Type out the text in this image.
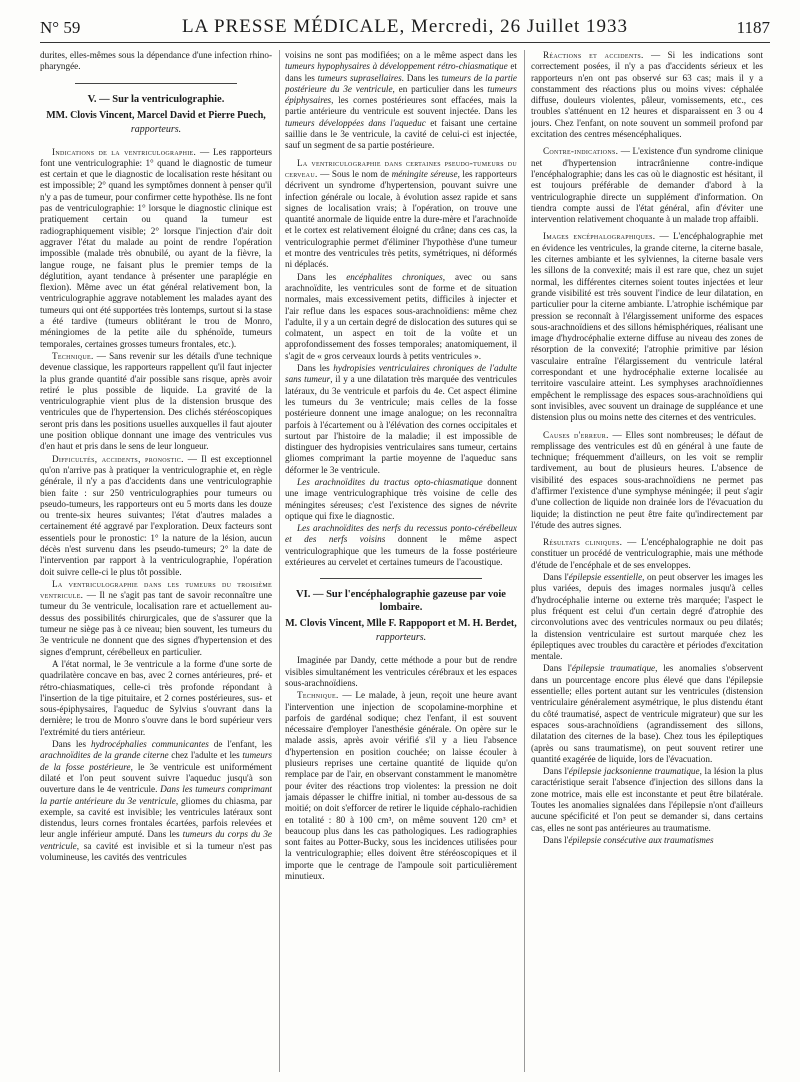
N° 59	LA PRESSE MÉDICALE, Mercredi, 26 Juillet 1933	1187

durites, elles-mêmes sous la dépendance d'une infection rhino-pharyngée.

V. — Sur la ventriculographie.

MM. Clovis Vincent, Marcel David et Pierre Puech, rapporteurs.

Indications de la ventriculographie. — Les rapporteurs font une ventriculographie: 1° quand le diagnostic de tumeur est certain et que le diagnostic de localisation reste hésitant ou est impossible; 2° quand les symptômes donnent à penser qu'il n'y a pas de tumeur, pour confirmer cette hypothèse. Ils ne font pas de ventriculographie: 1° lorsque le diagnostic clinique est pratiquement certain ou quand la tumeur est radiographiquement visible; 2° lorsque l'injection d'air doit aggraver l'état du malade au point de rendre l'opération impossible (malade très obnubilé, ou ayant de la fièvre, la langue rouge, ne faisant plus le premier temps de la déglutition, ayant tendance à présenter une paraplégie en flexion). Même avec un état général relativement bon, la ventriculographie aggrave notablement les malades ayant des tumeurs qui ont été supportées très lontemps, surtout si la stase a été tardive (tumeurs oblitérant le trou de Monro, méningiomes de la petite aile du sphénoïde, tumeurs temporales, certaines grosses tumeurs frontales, etc.).

Technique. — Sans revenir sur les détails d'une technique devenue classique, les rapporteurs rappellent qu'il faut injecter la plus grande quantité d'air possible sans risque, après avoir retiré le plus possible de liquide. La gravité de la ventriculographie vient plus de la distension brusque des ventricules que de l'hypertension. Des clichés stéréoscopiques seront pris dans les positions usuelles auxquelles il faut ajouter une position oblique donnant une image des ventricules vus d'en haut et pris dans le sens de leur longueur.

Difficultés, accidents, pronostic. — Il est exceptionnel qu'on n'arrive pas à pratiquer la ventriculographie et, en règle générale, il n'y a pas d'accidents dans une ventriculographie bien faite : sur 250 ventriculographies pour tumeurs ou pseudo-tumeurs, les rapporteurs ont eu 5 morts dans les douze ou trente-six heures suivantes; l'état d'autres malades a certainement été aggravé par l'exploration. Deux facteurs sont essentiels pour le pronostic: 1° la nature de la lésion, aucun décès n'est survenu dans les pseudo-tumeurs; 2° la date de l'intervention par rapport à la ventriculographie, l'opération doit suivre celle-ci le plus tôt possible.

La ventriculographie dans les tumeurs du troisième ventricule. — Il ne s'agit pas tant de savoir reconnaître une tumeur du 3e ventricule, localisation rare et actuellement au-dessus des possibilités chirurgicales, que de s'assurer que la tumeur ne siège pas à ce niveau; bien souvent, les tumeurs du 3e ventricule ne donnent que des signes d'hypertension et des signes d'emprunt, cérébelleux en particulier.

A l'état normal, le 3e ventricule a la forme d'une sorte de quadrilatère concave en bas, avec 2 cornes antérieures, pré- et rétro-chiasmatiques, celle-ci très profonde répondant à l'insertion de la tige pituitaire, et 2 cornes postérieures, sus- et sous-épiphysaires, l'aqueduc de Sylvius s'ouvrant dans la dernière; le trou de Monro s'ouvre dans le bord supérieur vers l'extrémité du tiers antérieur.

Dans les hydrocéphalies communicantes de l'enfant, les arachnoïdites de la grande citerne chez l'adulte et les tumeurs de la fosse postérieure, le 3e ventricule est uniformément dilaté et l'on peut souvent suivre l'aqueduc jusqu'à son ouverture dans le 4e ventricule. Dans les tumeurs comprimant la partie antérieure du 3e ventricule, gliomes du chiasma, par exemple, sa cavité est invisible; les ventricules latéraux sont distendus, leurs cornes frontales écartées, parfois relevées et leur angle inférieur amputé. Dans les tumeurs du corps du 3e ventricule, sa cavité est invisible et si la tumeur n'est pas volumineuse, les cavités des ventricules

voisins ne sont pas modifiées; on a le même aspect dans les tumeurs hypophysaires à développement rétro-chiasmatique et dans les tumeurs suprasellaires. Dans les tumeurs de la partie postérieure du 3e ventricule, en particulier dans les tumeurs épiphysaires, les cornes postérieures sont effacées, mais la partie antérieure du ventricule est souvent injectée. Dans les tumeurs développées dans l'aqueduc et faisant une certaine saillie dans le 3e ventricule, la cavité de celui-ci est injectée, sauf un segment de sa partie postérieure.

La ventriculographie dans certaines pseudo-tumeurs du cerveau. — Sous le nom de méningite séreuse, les rapporteurs décrivent un syndrome d'hypertension, pouvant suivre une infection générale ou locale, à évolution assez rapide et sans signes de localisation vrais; à l'opération, on trouve une quantité anormale de liquide entre la dure-mère et l'arachnoïde et le cortex est relativement éloigné du crâne; dans ces cas, la ventriculographie permet d'éliminer l'hypothèse d'une tumeur et montre des ventricules très petits, symétriques, ni déformés ni déplacés.

Dans les encéphalites chroniques, avec ou sans arachnoïdite, les ventricules sont de forme et de situation normales, mais excessivement petits, difficiles à injecter et l'air reflue dans les espaces sous-arachnoïdiens: même chez l'adulte, il y a un certain degré de dislocation des sutures qui se colmatent, un aspect en toit de la voûte et un approfondissement des fosses temporales; anatomiquement, il s'agit de « gros cerveaux lourds à petits ventricules ».

Dans les hydropisies ventriculaires chroniques de l'adulte sans tumeur, il y a une dilatation très marquée des ventricules latéraux, du 3e ventricule et parfois du 4e. Cet aspect élimine les tumeurs du 3e ventricule; mais celles de la fosse postérieure donnent une image analogue; on les reconnaîtra parfois à l'écartement ou à l'élévation des cornes occipitales et surtout par l'histoire de la maladie; il est impossible de distinguer des hydropisies ventriculaires sans tumeur, certains gliomes comprimant la partie moyenne de l'aqueduc sans déformer le 3e ventricule.

Les arachnoïdites du tractus opto-chiasmatique donnent une image ventriculographique très voisine de celle des méningites séreuses; c'est l'existence des signes de névrite optique qui fixe le diagnostic.

Les arachnoïdites des nerfs du recessus ponto-cérébelleux et des nerfs voisins donnent le même aspect ventriculographique que les tumeurs de la fosse postérieure extérieures au cervelet et certaines tumeurs de l'acoustique.

VI. — Sur l'encéphalographie gazeuse par voie lombaire.

M. Clovis Vincent, Mlle F. Rappoport et M. H. Berdet, rapporteurs.

Imaginée par Dandy, cette méthode a pour but de rendre visibles simultanément les ventricules cérébraux et les espaces sous-arachnoïdiens.

Technique. — Le malade, à jeun, reçoit une heure avant l'intervention une injection de scopolamine-morphine et parfois de gardénal sodique; chez l'enfant, il est souvent nécessaire d'employer l'anesthésie générale. On opère sur le malade assis, après avoir vérifié s'il y a lieu l'absence d'hypertension en position couchée; on laisse écouler à plusieurs reprises une certaine quantité de liquide qu'on remplace par de l'air, en observant constamment le manomètre pour éviter des réactions trop violentes: la pression ne doit jamais dépasser le chiffre initial, ni tomber au-dessous de sa moitié; on doit s'efforcer de retirer le liquide céphalo-rachidien en totalité : 80 à 100 cm³, on même souvent 120 cm³ et beaucoup plus dans les cas pathologiques. Les radiographies sont faites au Potter-Bucky, sous les incidences utilisées pour la ventriculographie; elles doivent être stéréoscopiques et il importe que le centrage de l'ampoule soit particulièrement minutieux.

Réactions et accidents. — Si les indications sont correctement posées, il n'y a pas d'accidents sérieux et les rapporteurs n'en ont pas observé sur 63 cas; mais il y a constamment des réactions plus ou moins vives: céphalée diffuse, douleurs violentes, pâleur, vomissements, etc., ces troubles s'atténuent en 12 heures et disparaissent en 3 ou 4 jours. Chez l'enfant, on note souvent un sommeil profond par excitation des centres mésencéphaliques.

Contre-indications. — L'existence d'un syndrome clinique net d'hypertension intracrânienne contre-indique l'encéphalographie; dans les cas où le diagnostic est hésitant, il est toujours préférable de demander d'abord à la ventriculographie directe un supplément d'information. On tiendra compte aussi de l'état général, afin d'éviter une intervention relativement choquante à un malade trop affaibli.

Images encéphalographiques. — L'encéphalographie met en évidence les ventricules, la grande citerne, la citerne basale, les citernes ambiante et les sylviennes, la citerne basale vers les sillons de la convexité; mais il est rare que, chez un sujet normal, les différentes citernes soient toutes injectées et leur grande visibilité est très souvent l'indice de leur dilatation, en particulier pour la citerne ambiante. L'atrophie ischémique par pression se reconnaît à l'élargissement uniforme des espaces sous-arachnoïdiens et des sillons hémisphériques, réalisant une image d'hydrocéphalie externe diffuse au niveau des zones de résorption de la convexité; l'atrophie primitive par lésion vasculaire entraîne l'élargissement du ventricule latéral correspondant et une hydrocéphalie externe localisée au territoire vasculaire atteint. Les symphyses arachnoïdiennes empêchent le remplissage des espaces sous-arachnoïdiens qui sont invisibles, avec souvent un drainage de suppléance et une distension plus ou moins nette des citernes et des ventricules.

Causes d'erreur. — Elles sont nombreuses; le défaut de remplissage des ventricules est dû en général à une faute de technique; fréquemment d'ailleurs, on les voit se remplir tardivement, au bout de plusieurs heures. L'absence de visibilité des espaces sous-arachnoïdiens ne permet pas d'affirmer l'existence d'une symphyse méningée; il peut s'agir d'une collection de liquide non drainée lors de l'évacuation du liquide; la distinction ne peut être faite qu'indirectement par l'étude des autres signes.

Résultats cliniques. — L'encéphalographie ne doit pas constituer un procédé de ventriculographie, mais une méthode d'étude de l'encéphale et de ses enveloppes.

Dans l'épilepsie essentielle, on peut observer les images les plus variées, depuis des images normales jusqu'à celles d'hydrocéphalie interne ou externe très marquée; l'aspect le plus fréquent est celui d'un certain degré d'atrophie des circonvolutions avec des ventricules normaux ou peu dilatés; la distension ventriculaire est surtout marquée chez les épileptiques avec troubles du caractère et périodes d'excitation mentale.

Dans l'épilepsie traumatique, les anomalies s'observent dans un pourcentage encore plus élevé que dans l'épilepsie essentielle; elles portent autant sur les ventricules (distension ventriculaire généralement asymétrique, le plus distendu étant du côté traumatisé, aspect de ventricule migrateur) que sur les espaces sous-arachnoïdiens (agrandissement des sillons, dilatation des citernes de la base). Chez tous les épileptiques (après ou sans traumatisme), on peut souvent retirer une quantité exagérée de liquide, lors de l'évacuation.

Dans l'épilepsie jacksonienne traumatique, la lésion la plus caractéristique serait l'absence d'injection des sillons dans la zone motrice, mais elle est inconstante et peut être bilatérale. Toutes les anomalies signalées dans l'épilepsie n'ont d'ailleurs aucune spécificité et l'on peut se demander si, dans certains cas, elles ne sont pas antérieures au traumatisme.

Dans l'épilepsie consécutive aux traumatismes
